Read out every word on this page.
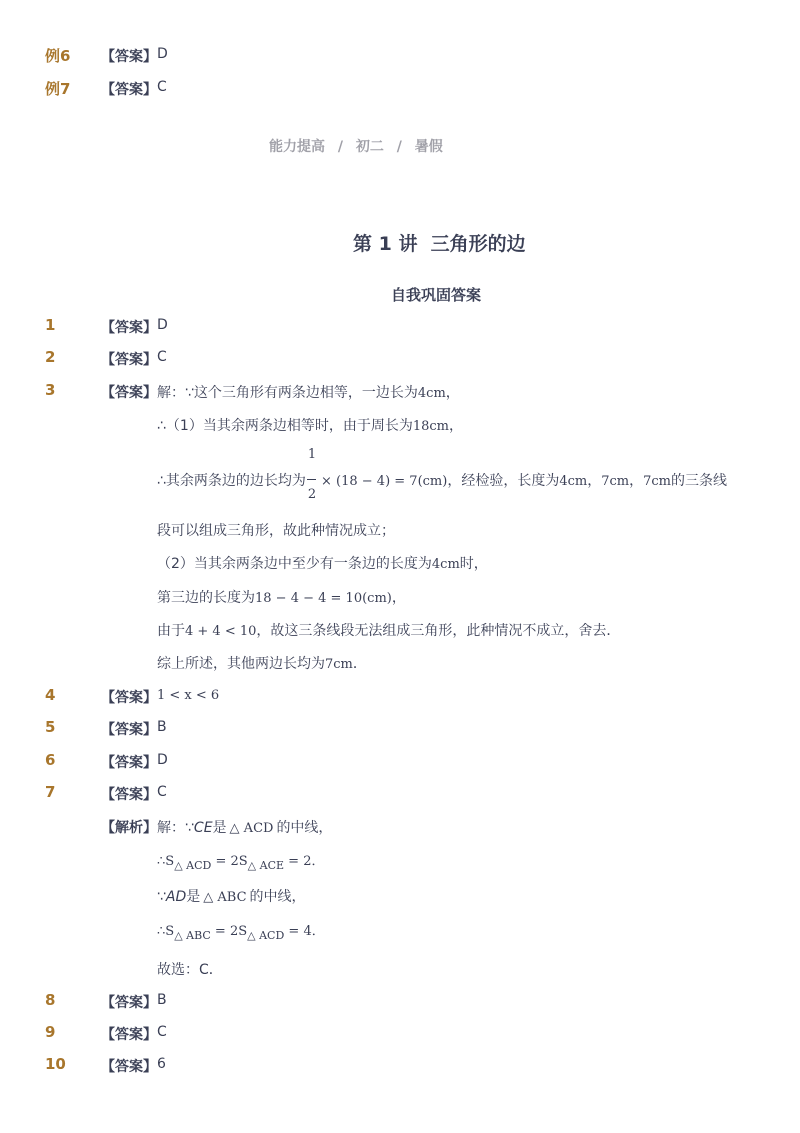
例6 【答案】 D
例7 【答案】 C
能力提高 / 初二 / 暑假
第 1 讲  三角形的边
自我巩固答案
1	【答案】 D
2	【答案】 C
3	【答案】 解：∵这个三角形有两条边相等，一边长为4cm，
∴（1）当其余两条边相等时，由于周长为18cm，
1
2
∴其余两条边的边长均为 × (18 − 4) = 7(cm)，经检验，长度为4cm，7cm，7cm的三条线
段可以组成三角形，故此种情况成立；
（2）当其余两条边中至少有一条边的长度为4cm时，
第三边的长度为18 − 4 − 4 = 10(cm)，
由于4 + 4 < 10，故这三条线段无法组成三角形，此种情况不成立，舍去．
综上所述，其他两边长均为7cm．
4	【答案】 1 < x < 6
5	【答案】 B
6	【答案】 D
7	【答案】 C
【解析】 解：∵CE是 △ ACD 的中线，
$\therefore S_{\triangle ACD} = 2S_{\triangle ACE} = 2$．
∵AD是 △ ABC 的中线，
$\therefore S_{\triangle ABC} = 2S_{\triangle ACD} = 4$．
故选：C．
8	【答案】 B
9	【答案】 C
10	【答案】 6
